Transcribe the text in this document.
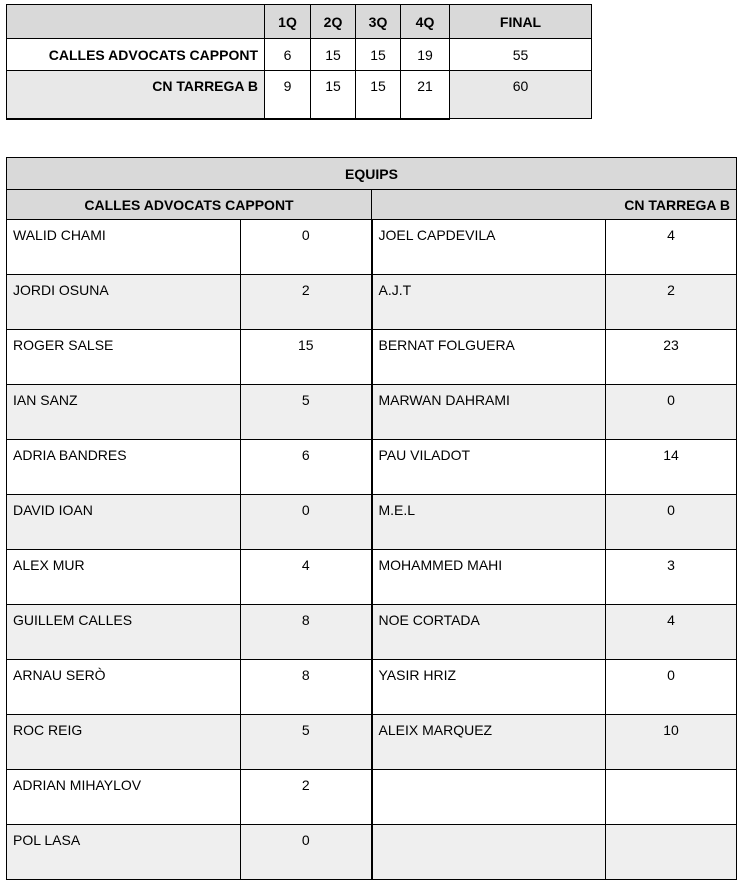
	1Q	2Q	3Q	4Q	FINAL
CALLES ADVOCATS CAPPONT	6	15	15	19	55
CN TARREGA B	9	15	15	21	60
EQUIPS			
CALLES ADVOCATS CAPPONT		CN TARREGA B	
WALID CHAMI	0	JOEL CAPDEVILA	4
JORDI OSUNA	2	A.J.T	2
ROGER SALSE	15	BERNAT FOLGUERA	23
IAN SANZ	5	MARWAN DAHRAMI	0
ADRIA BANDRES	6	PAU VILADOT	14
DAVID IOAN	0	M.E.L	0
ALEX MUR	4	MOHAMMED MAHI	3
GUILLEM CALLES	8	NOE CORTADA	4
ARNAU SERÒ	8	YASIR HRIZ	0
ROC REIG	5	ALEIX MARQUEZ	10
ADRIAN MIHAYLOV	2		
POL LASA	0		
